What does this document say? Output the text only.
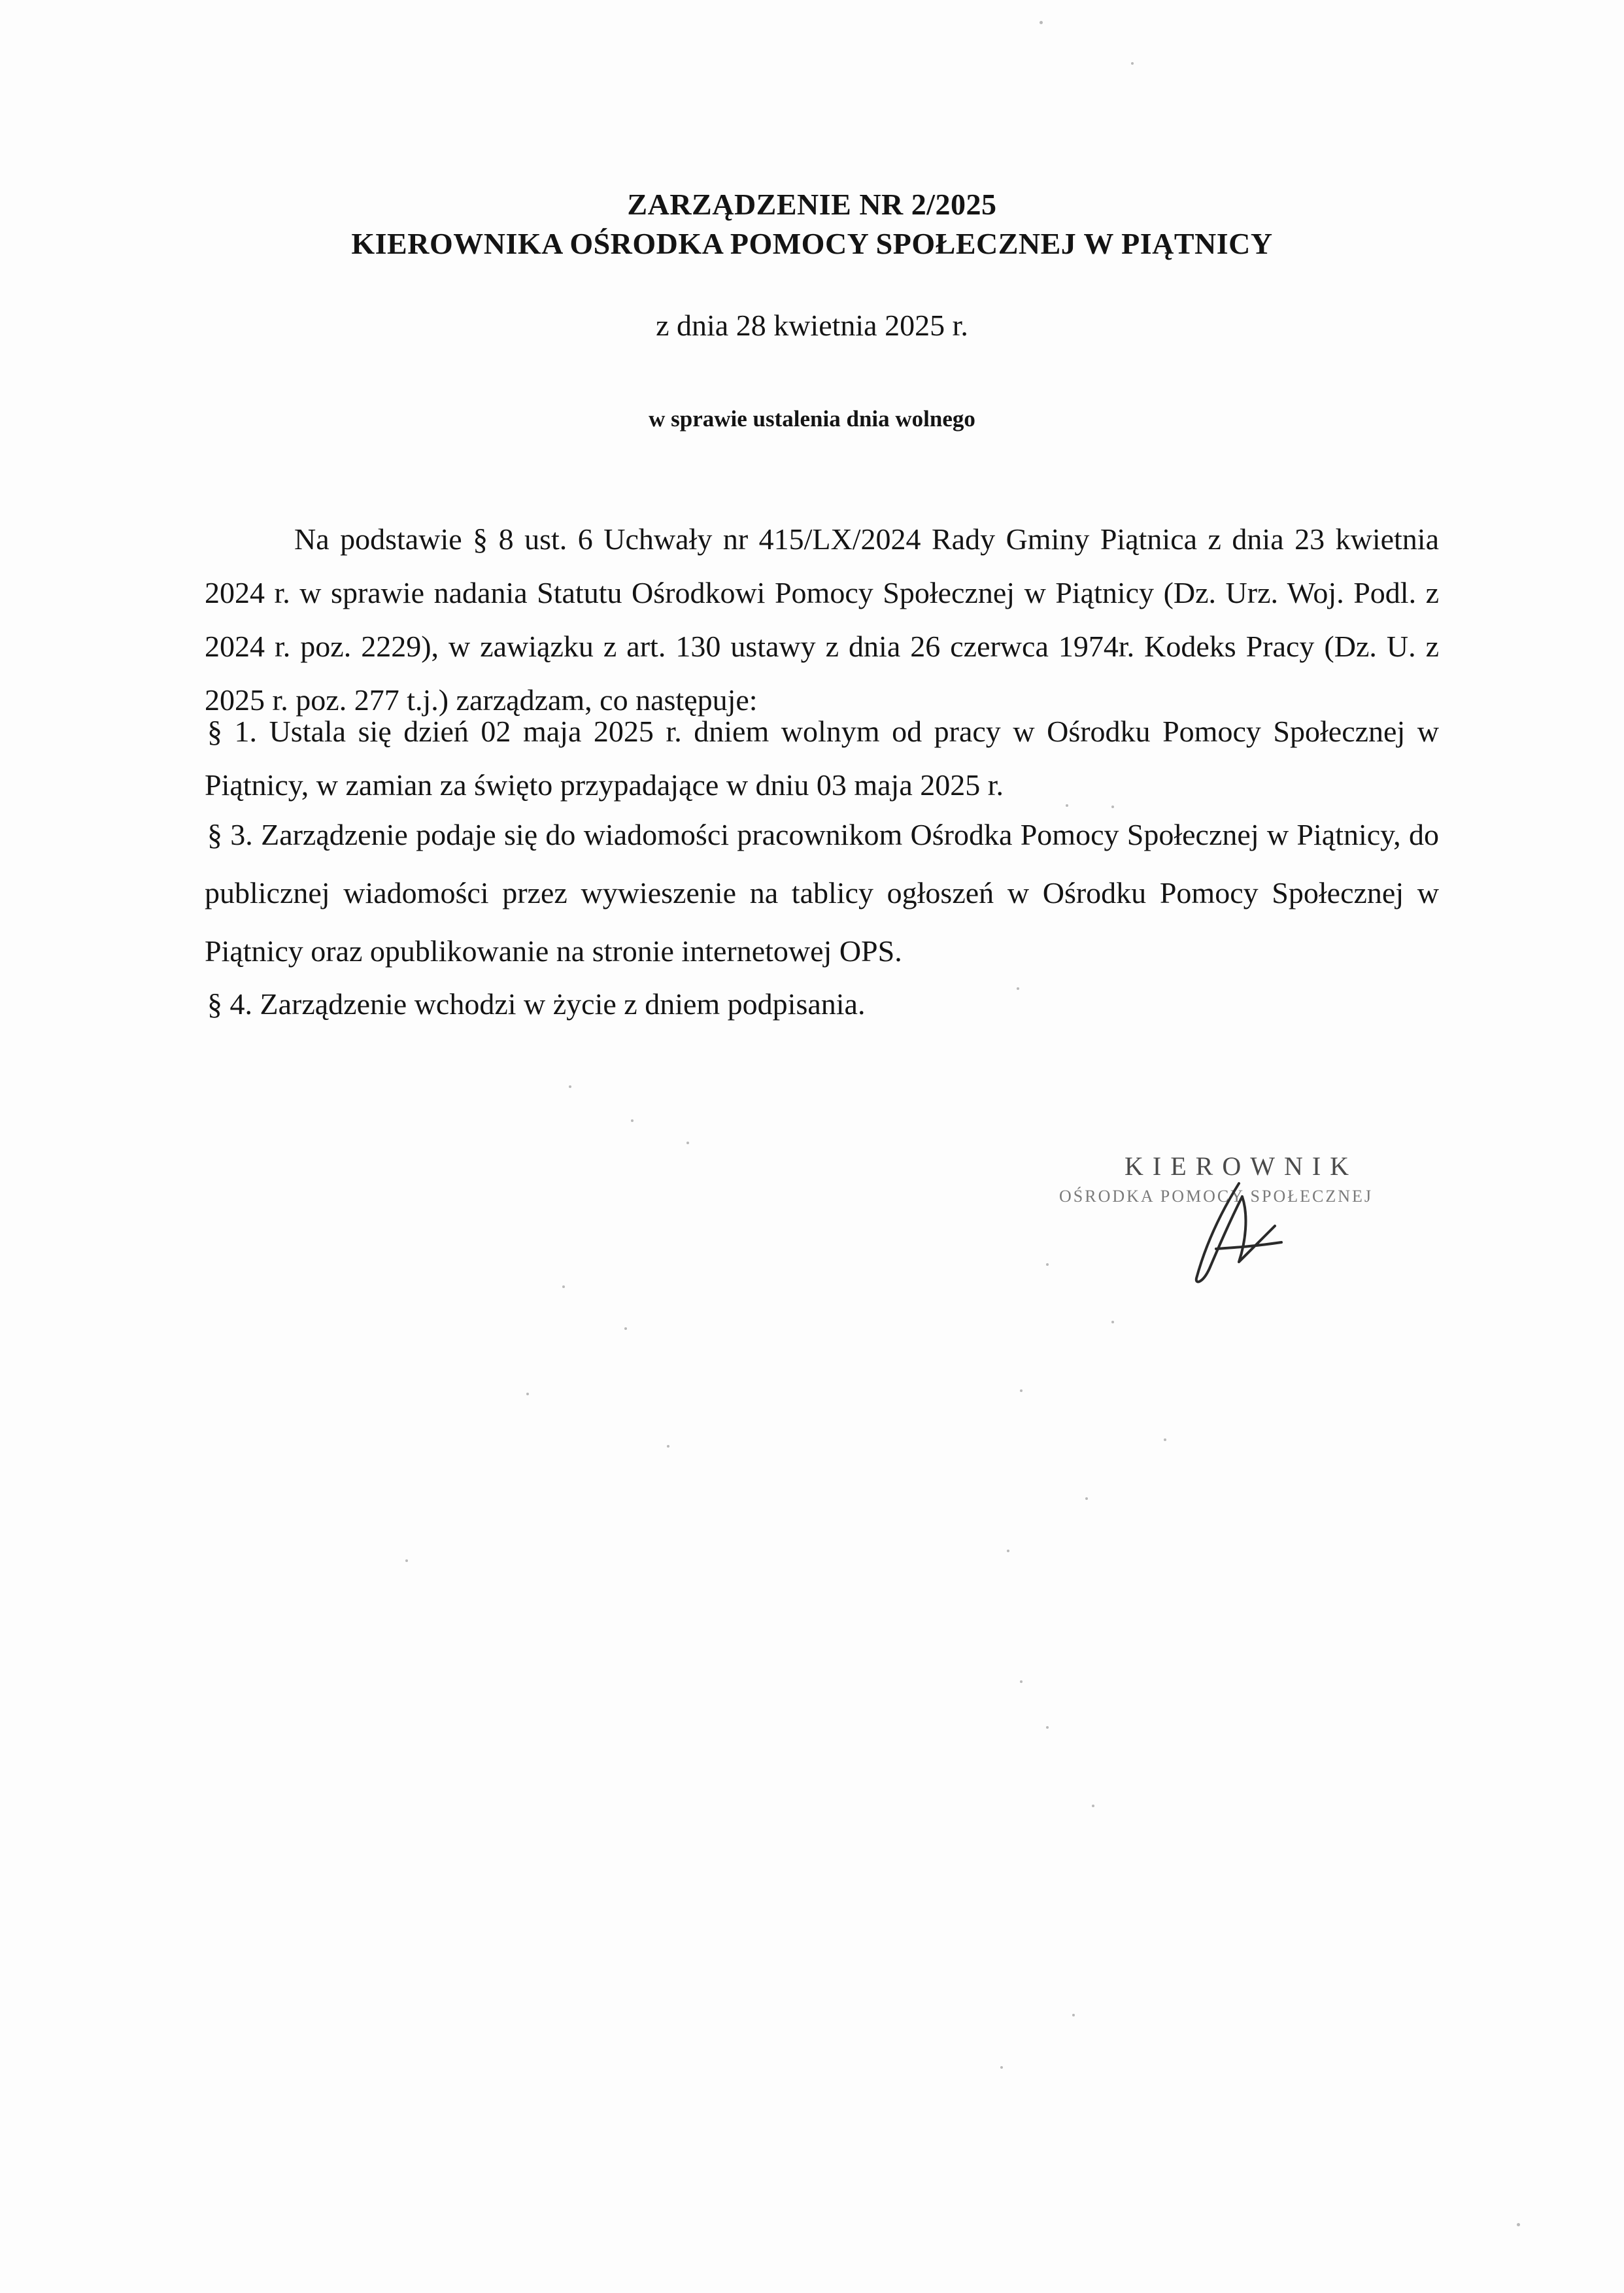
ZARZĄDZENIE NR 2/2025
KIEROWNIKA OŚRODKA POMOCY SPOŁECZNEJ W PIĄTNICY
z dnia 28 kwietnia 2025 r.
w sprawie ustalenia dnia wolnego

Na podstawie § 8 ust. 6 Uchwały nr 415/LX/2024 Rady Gminy Piątnica z dnia 23 kwietnia 2024 r. w sprawie nadania Statutu Ośrodkowi Pomocy Społecznej w Piątnicy (Dz. Urz. Woj. Podl. z 2024 r. poz. 2229), w zawiązku z art. 130 ustawy z dnia 26 czerwca 1974r. Kodeks Pracy (Dz. U. z 2025 r. poz. 277 t.j.) zarządzam, co następuje:

§ 1. Ustala się dzień 02 maja 2025 r. dniem wolnym od pracy w Ośrodku Pomocy Społecznej w Piątnicy, w zamian za święto przypadające w dniu 03 maja 2025 r.

§ 3. Zarządzenie podaje się do wiadomości pracownikom Ośrodka Pomocy Społecznej w Piątnicy, do publicznej wiadomości przez wywieszenie na tablicy ogłoszeń w Ośrodku Pomocy Społecznej w Piątnicy oraz opublikowanie na stronie internetowej OPS.

§ 4. Zarządzenie wchodzi w życie z dniem podpisania.

KIEROWNIK
OŚRODKA POMOCY SPOŁECZNEJ
